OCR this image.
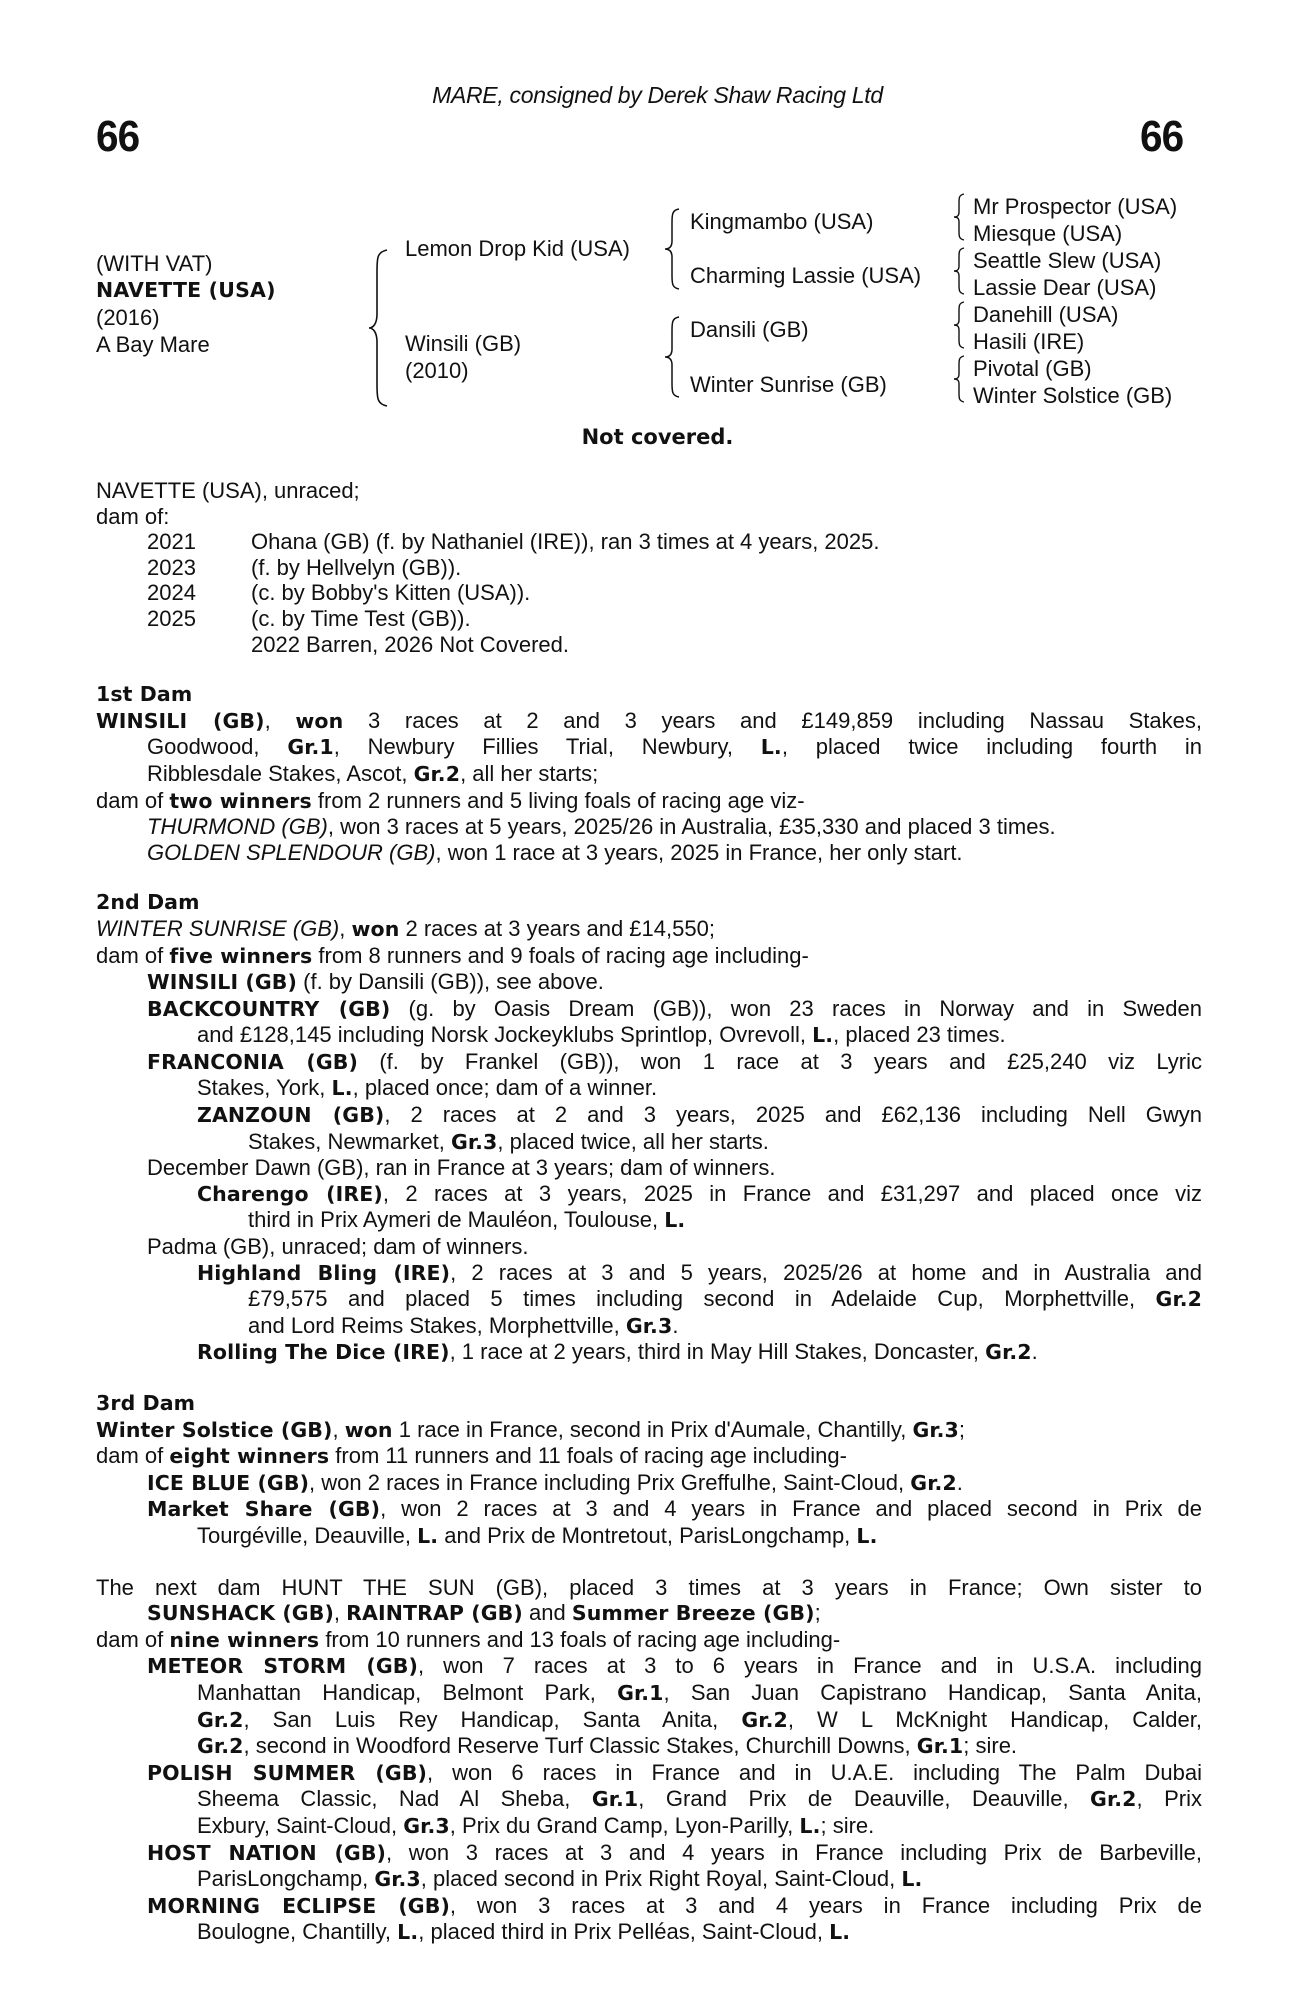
MARE, consigned by Derek Shaw Racing Ltd
66	66
(WITH VAT)
NAVETTE (USA)
(2016)
A Bay Mare
Lemon Drop Kid (USA)
Winsili (GB)
(2010)
Kingmambo (USA)
Charming Lassie (USA)
Dansili (GB)
Winter Sunrise (GB)
Mr Prospector (USA)
Miesque (USA)
Seattle Slew (USA)
Lassie Dear (USA)
Danehill (USA)
Hasili (IRE)
Pivotal (GB)
Winter Solstice (GB)
Not covered.
NAVETTE (USA), unraced;
dam of:
2021	Ohana (GB) (f. by Nathaniel (IRE)), ran 3 times at 4 years, 2025.
2023	(f. by Hellvelyn (GB)).
2024	(c. by Bobby's Kitten (USA)).
2025	(c. by Time Test (GB)).
2022 Barren, 2026 Not Covered.
1st Dam
WINSILI (GB), won 3 races at 2 and 3 years and £149,859 including Nassau Stakes,
Goodwood, Gr.1, Newbury Fillies Trial, Newbury, L., placed twice including fourth in
Ribblesdale Stakes, Ascot, Gr.2, all her starts;
dam of two winners from 2 runners and 5 living foals of racing age viz-
THURMOND (GB), won 3 races at 5 years, 2025/26 in Australia, £35,330 and placed 3 times.
GOLDEN SPLENDOUR (GB), won 1 race at 3 years, 2025 in France, her only start.
2nd Dam
WINTER SUNRISE (GB), won 2 races at 3 years and £14,550;
dam of five winners from 8 runners and 9 foals of racing age including-
WINSILI (GB) (f. by Dansili (GB)), see above.
BACKCOUNTRY (GB) (g. by Oasis Dream (GB)), won 23 races in Norway and in Sweden
and £128,145 including Norsk Jockeyklubs Sprintlop, Ovrevoll, L., placed 23 times.
FRANCONIA (GB) (f. by Frankel (GB)), won 1 race at 3 years and £25,240 viz Lyric
Stakes, York, L., placed once; dam of a winner.
ZANZOUN (GB), 2 races at 2 and 3 years, 2025 and £62,136 including Nell Gwyn
Stakes, Newmarket, Gr.3, placed twice, all her starts.
December Dawn (GB), ran in France at 3 years; dam of winners.
Charengo (IRE), 2 races at 3 years, 2025 in France and £31,297 and placed once viz
third in Prix Aymeri de Mauléon, Toulouse, L.
Padma (GB), unraced; dam of winners.
Highland Bling (IRE), 2 races at 3 and 5 years, 2025/26 at home and in Australia and
£79,575 and placed 5 times including second in Adelaide Cup, Morphettville, Gr.2
and Lord Reims Stakes, Morphettville, Gr.3.
Rolling The Dice (IRE), 1 race at 2 years, third in May Hill Stakes, Doncaster, Gr.2.
3rd Dam
Winter Solstice (GB), won 1 race in France, second in Prix d'Aumale, Chantilly, Gr.3;
dam of eight winners from 11 runners and 11 foals of racing age including-
ICE BLUE (GB), won 2 races in France including Prix Greffulhe, Saint-Cloud, Gr.2.
Market Share (GB), won 2 races at 3 and 4 years in France and placed second in Prix de
Tourgéville, Deauville, L. and Prix de Montretout, ParisLongchamp, L.
The next dam HUNT THE SUN (GB), placed 3 times at 3 years in France; Own sister to
SUNSHACK (GB), RAINTRAP (GB) and Summer Breeze (GB);
dam of nine winners from 10 runners and 13 foals of racing age including-
METEOR STORM (GB), won 7 races at 3 to 6 years in France and in U.S.A. including
Manhattan Handicap, Belmont Park, Gr.1, San Juan Capistrano Handicap, Santa Anita,
Gr.2, San Luis Rey Handicap, Santa Anita, Gr.2, W L McKnight Handicap, Calder,
Gr.2, second in Woodford Reserve Turf Classic Stakes, Churchill Downs, Gr.1; sire.
POLISH SUMMER (GB), won 6 races in France and in U.A.E. including The Palm Dubai
Sheema Classic, Nad Al Sheba, Gr.1, Grand Prix de Deauville, Deauville, Gr.2, Prix
Exbury, Saint-Cloud, Gr.3, Prix du Grand Camp, Lyon-Parilly, L.; sire.
HOST NATION (GB), won 3 races at 3 and 4 years in France including Prix de Barbeville,
ParisLongchamp, Gr.3, placed second in Prix Right Royal, Saint-Cloud, L.
MORNING ECLIPSE (GB), won 3 races at 3 and 4 years in France including Prix de
Boulogne, Chantilly, L., placed third in Prix Pelléas, Saint-Cloud, L.
